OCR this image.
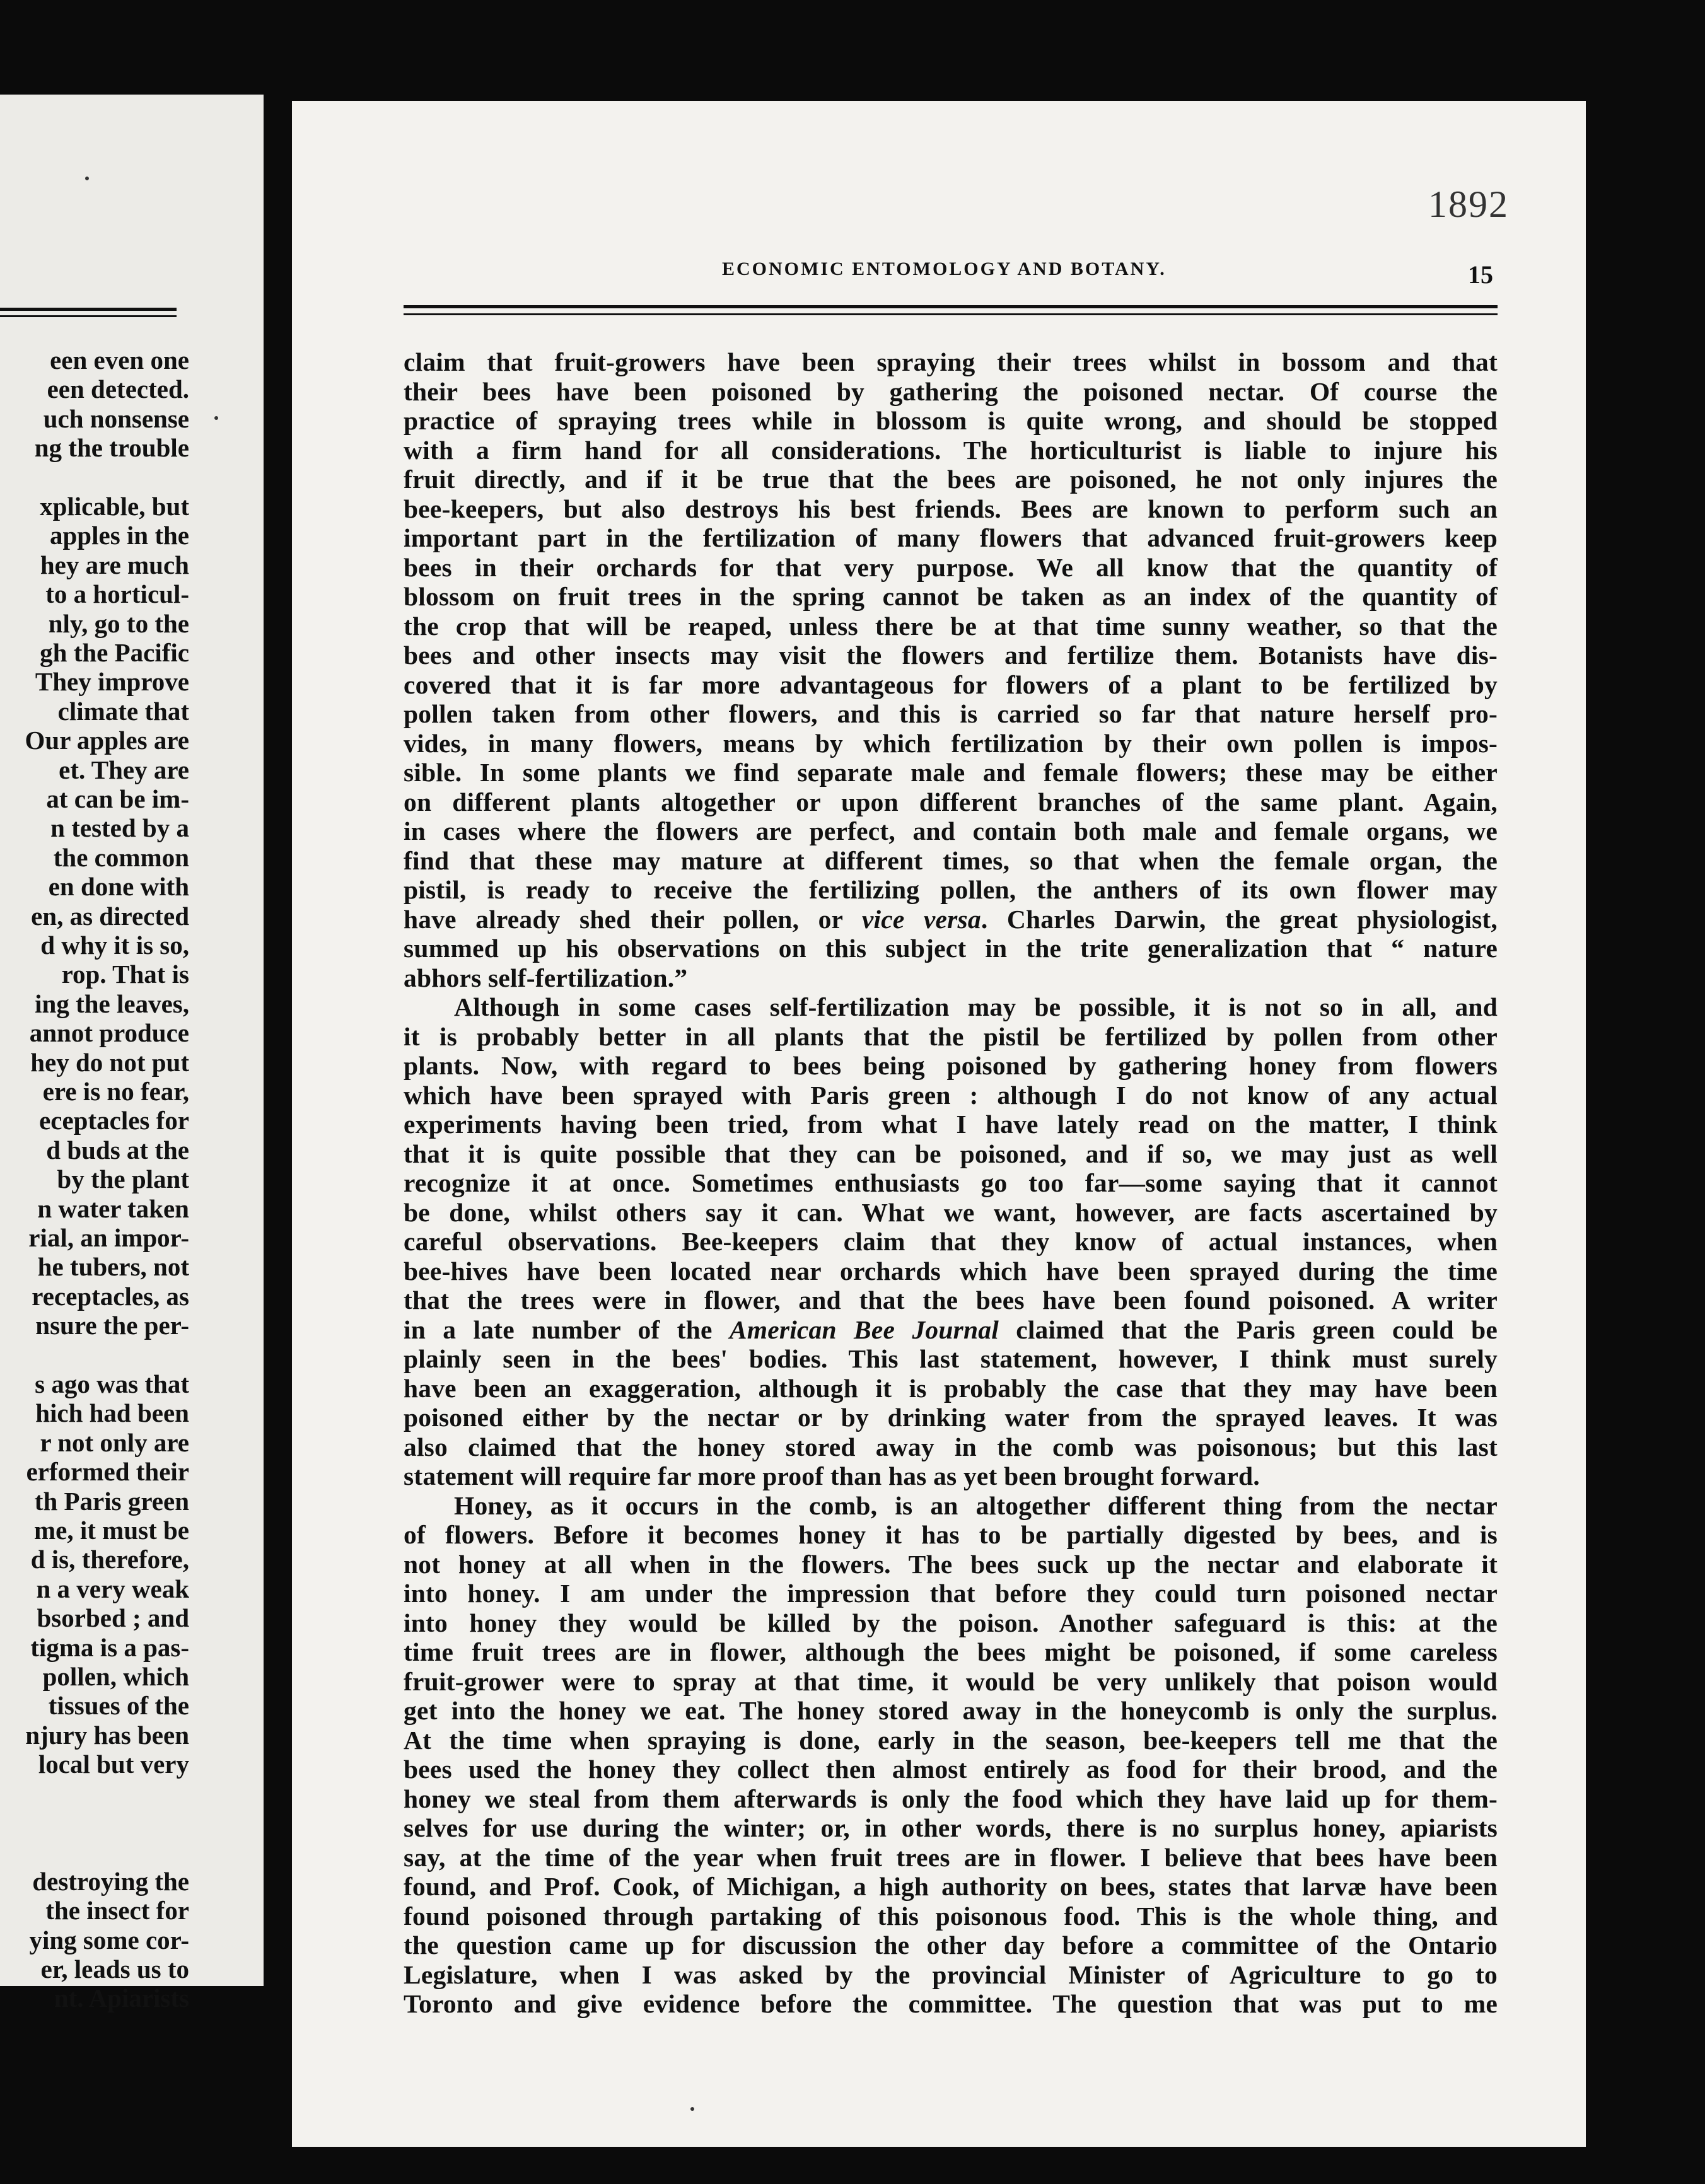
een even one
een detected.
uch nonsense
ng the trouble
xplicable, but
apples in the
hey are much
to a horticul-
nly, go to the
gh the Pacific
They improve
climate that
Our apples are
et. They are
at can be im-
n tested by a
the common
en done with
en, as directed
d why it is so,
rop. That is
ing the leaves,
annot produce
hey do not put
ere is no fear,
eceptacles for
d buds at the
by the plant
n water taken
rial, an impor-
he tubers, not
receptacles, as
nsure the per-
s ago was that
hich had been
r not only are
erformed their
th Paris green
me, it must be
d is, therefore,
n a very weak
bsorbed ; and
tigma is a pas-
pollen, which
tissues of the
njury has been
local but very
destroying the
the insect for
ying some cor-
er, leads us to
nt. Apiarists
1892
ECONOMIC ENTOMOLOGY AND BOTANY.	15
claim that fruit-growers have been spraying their trees whilst in bossom and that
their bees have been poisoned by gathering the poisoned nectar. Of course the
practice of spraying trees while in blossom is quite wrong, and should be stopped
with a firm hand for all considerations. The horticulturist is liable to injure his
fruit directly, and if it be true that the bees are poisoned, he not only injures the
bee-keepers, but also destroys his best friends. Bees are known to perform such an
important part in the fertilization of many flowers that advanced fruit-growers keep
bees in their orchards for that very purpose. We all know that the quantity of
blossom on fruit trees in the spring cannot be taken as an index of the quantity of
the crop that will be reaped, unless there be at that time sunny weather, so that the
bees and other insects may visit the flowers and fertilize them. Botanists have dis-
covered that it is far more advantageous for flowers of a plant to be fertilized by
pollen taken from other flowers, and this is carried so far that nature herself pro-
vides, in many flowers, means by which fertilization by their own pollen is impos-
sible. In some plants we find separate male and female flowers; these may be either
on different plants altogether or upon different branches of the same plant. Again,
in cases where the flowers are perfect, and contain both male and female organs, we
find that these may mature at different times, so that when the female organ, the
pistil, is ready to receive the fertilizing pollen, the anthers of its own flower may
have already shed their pollen, or vice versa. Charles Darwin, the great physiologist,
summed up his observations on this subject in the trite generalization that “ nature
abhors self-fertilization.”
Although in some cases self-fertilization may be possible, it is not so in all, and
it is probably better in all plants that the pistil be fertilized by pollen from other
plants. Now, with regard to bees being poisoned by gathering honey from flowers
which have been sprayed with Paris green : although I do not know of any actual
experiments having been tried, from what I have lately read on the matter, I think
that it is quite possible that they can be poisoned, and if so, we may just as well
recognize it at once. Sometimes enthusiasts go too far—some saying that it cannot
be done, whilst others say it can. What we want, however, are facts ascertained by
careful observations. Bee-keepers claim that they know of actual instances, when
bee-hives have been located near orchards which have been sprayed during the time
that the trees were in flower, and that the bees have been found poisoned. A writer
in a late number of the American Bee Journal claimed that the Paris green could be
plainly seen in the bees' bodies. This last statement, however, I think must surely
have been an exaggeration, although it is probably the case that they may have been
poisoned either by the nectar or by drinking water from the sprayed leaves. It was
also claimed that the honey stored away in the comb was poisonous; but this last
statement will require far more proof than has as yet been brought forward.
Honey, as it occurs in the comb, is an altogether different thing from the nectar
of flowers. Before it becomes honey it has to be partially digested by bees, and is
not honey at all when in the flowers. The bees suck up the nectar and elaborate it
into honey. I am under the impression that before they could turn poisoned nectar
into honey they would be killed by the poison. Another safeguard is this: at the
time fruit trees are in flower, although the bees might be poisoned, if some careless
fruit-grower were to spray at that time, it would be very unlikely that poison would
get into the honey we eat. The honey stored away in the honeycomb is only the surplus.
At the time when spraying is done, early in the season, bee-keepers tell me that the
bees used the honey they collect then almost entirely as food for their brood, and the
honey we steal from them afterwards is only the food which they have laid up for them-
selves for use during the winter; or, in other words, there is no surplus honey, apiarists
say, at the time of the year when fruit trees are in flower. I believe that bees have been
found, and Prof. Cook, of Michigan, a high authority on bees, states that larvæ have been
found poisoned through partaking of this poisonous food. This is the whole thing, and
the question came up for discussion the other day before a committee of the Ontario
Legislature, when I was asked by the provincial Minister of Agriculture to go to
Toronto and give evidence before the committee. The question that was put to me
